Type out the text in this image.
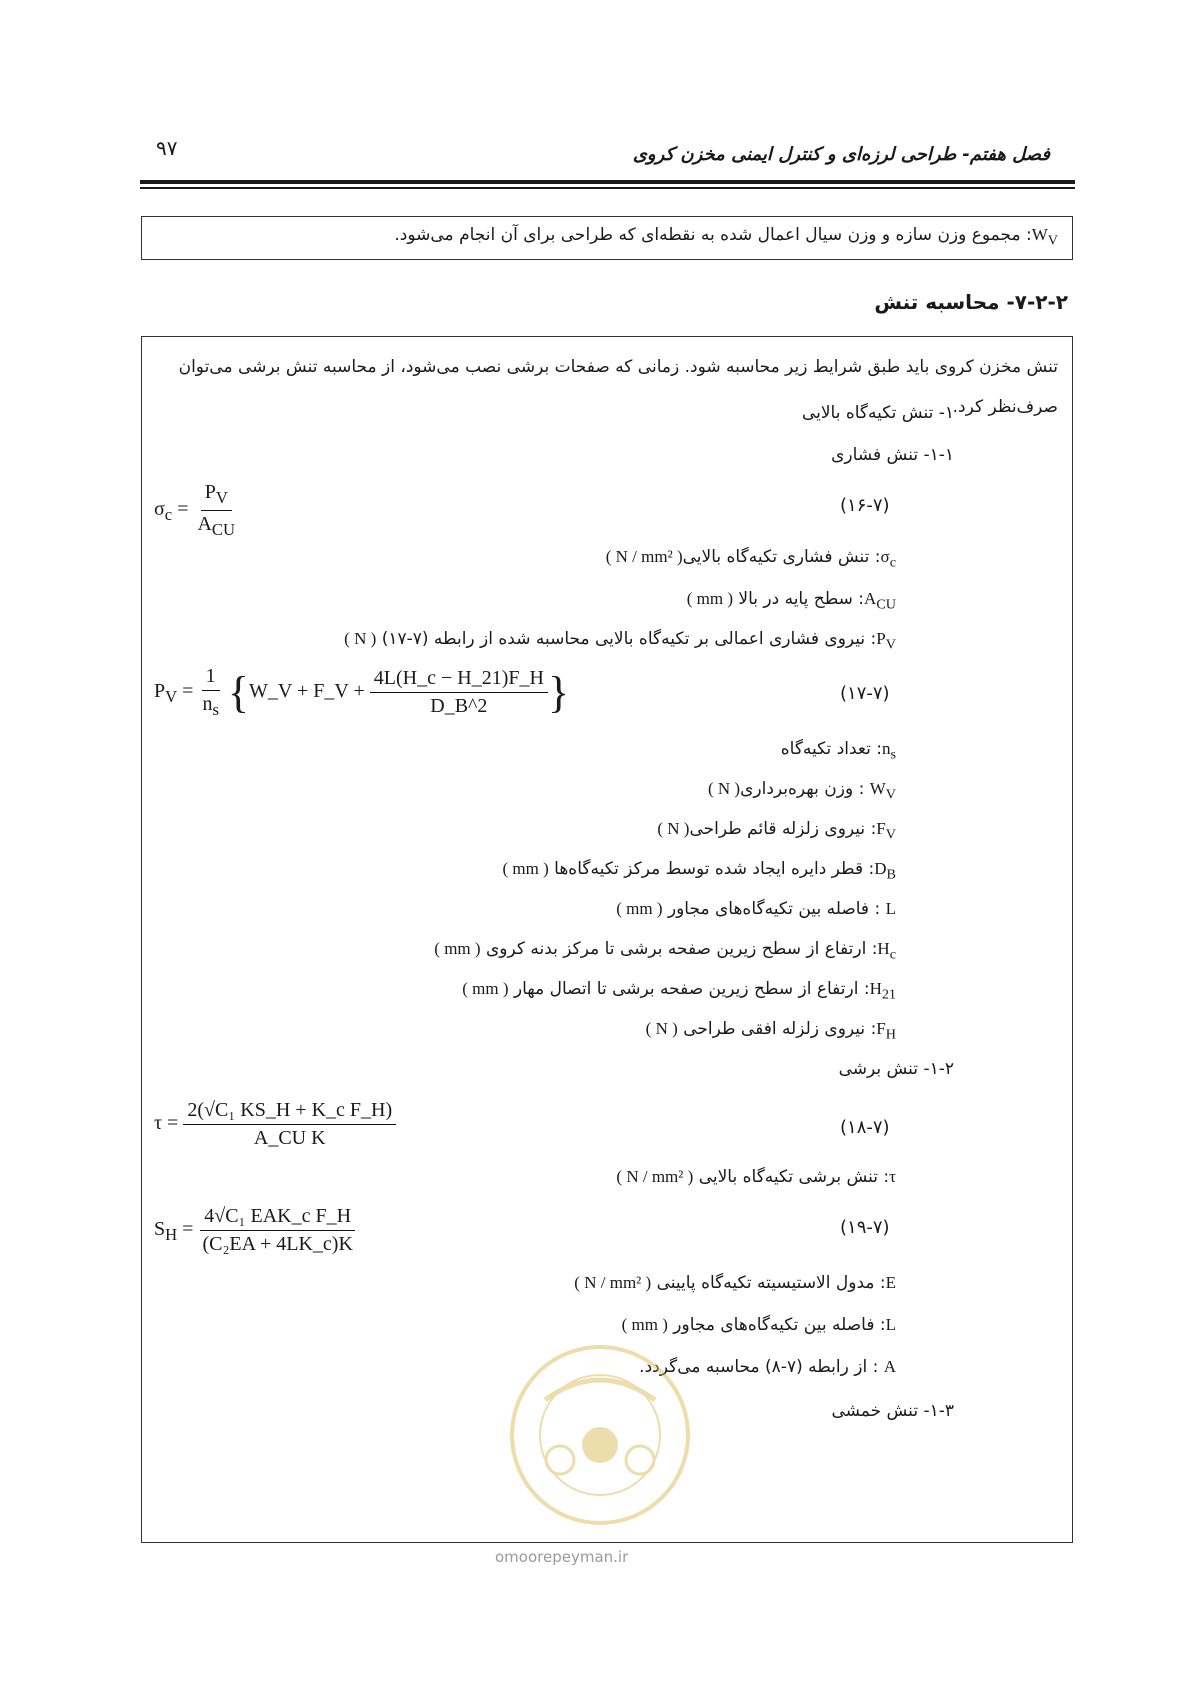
۹۷	فصل هفتم- طراحی لرزه‌ای و کنترل ایمنی مخزن کروی
$W_V$: مجموع وزن سازه و وزن سیال اعمال شده به نقطه‌ای که طراحی برای آن انجام می‌شود.
۷-۲-۲- محاسبه تنش
تنش مخزن کروی باید طبق شرایط زیر محاسبه شود. زمانی که صفحات برشی نصب می‌شود، از محاسبه تنش برشی می‌توان صرف‌نظر کرد.
۱- تنش تکیه‌گاه بالایی
۱-۱- تنش فشاری
(۱۶-۷)
$\sigma_c = \frac{P_V}{A_{CU}}$
$\sigma_c$: تنش فشاری تکیه‌گاه بالایی( N / mm² )
$A_{CU}$: سطح پایه در بالا ( mm )
$P_V$: نیروی فشاری اعمالی بر تکیه‌گاه بالایی محاسبه شده از رابطه (۷-۱۷) ( N )
(۱۷-۷)
$P_V = \frac{1}{n_s}$ {W_V + F_V + $\frac{4L(H\_c - H\_21)F\_H}{D\_B\^{}2}$ }
$n_s$: تعداد تکیه‌گاه
$W_V$ : وزن بهره‌برداری( N )
$F_V$: نیروی زلزله قائم طراحی( N )
$D_B$: قطر دایره ایجاد شده توسط مرکز تکیه‌گاه‌ها ( mm )
L : فاصله بین تکیه‌گاه‌های مجاور ( mm )
$H_c$: ارتفاع از سطح زیرین صفحه برشی تا مرکز بدنه کروی ( mm )
$H_{21}$: ارتفاع از سطح زیرین صفحه برشی تا اتصال مهار ( mm )
$F_H$: نیروی زلزله افقی طراحی ( N )
۱-۲- تنش برشی
(۱۸-۷)
$\tau = \frac{\text{2(√C₁ KS\_H + K\_c F\_H)}}{\text{A\_CU K}}$
τ: تنش برشی تکیه‌گاه بالایی ( N / mm² )
(۱۹-۷)
$S_H = \frac{\text{4√C₁ EAK\_c F\_H}}{\text{(C₂EA + 4LK\_c)K}}$
E: مدول الاستیسیته تکیه‌گاه پایینی ( N / mm² )
L: فاصله بین تکیه‌گاه‌های مجاور ( mm )
A : از رابطه (۷-۸) محاسبه می‌گردد.
۱-۳- تنش خمشی
omoorepeyman.ir
